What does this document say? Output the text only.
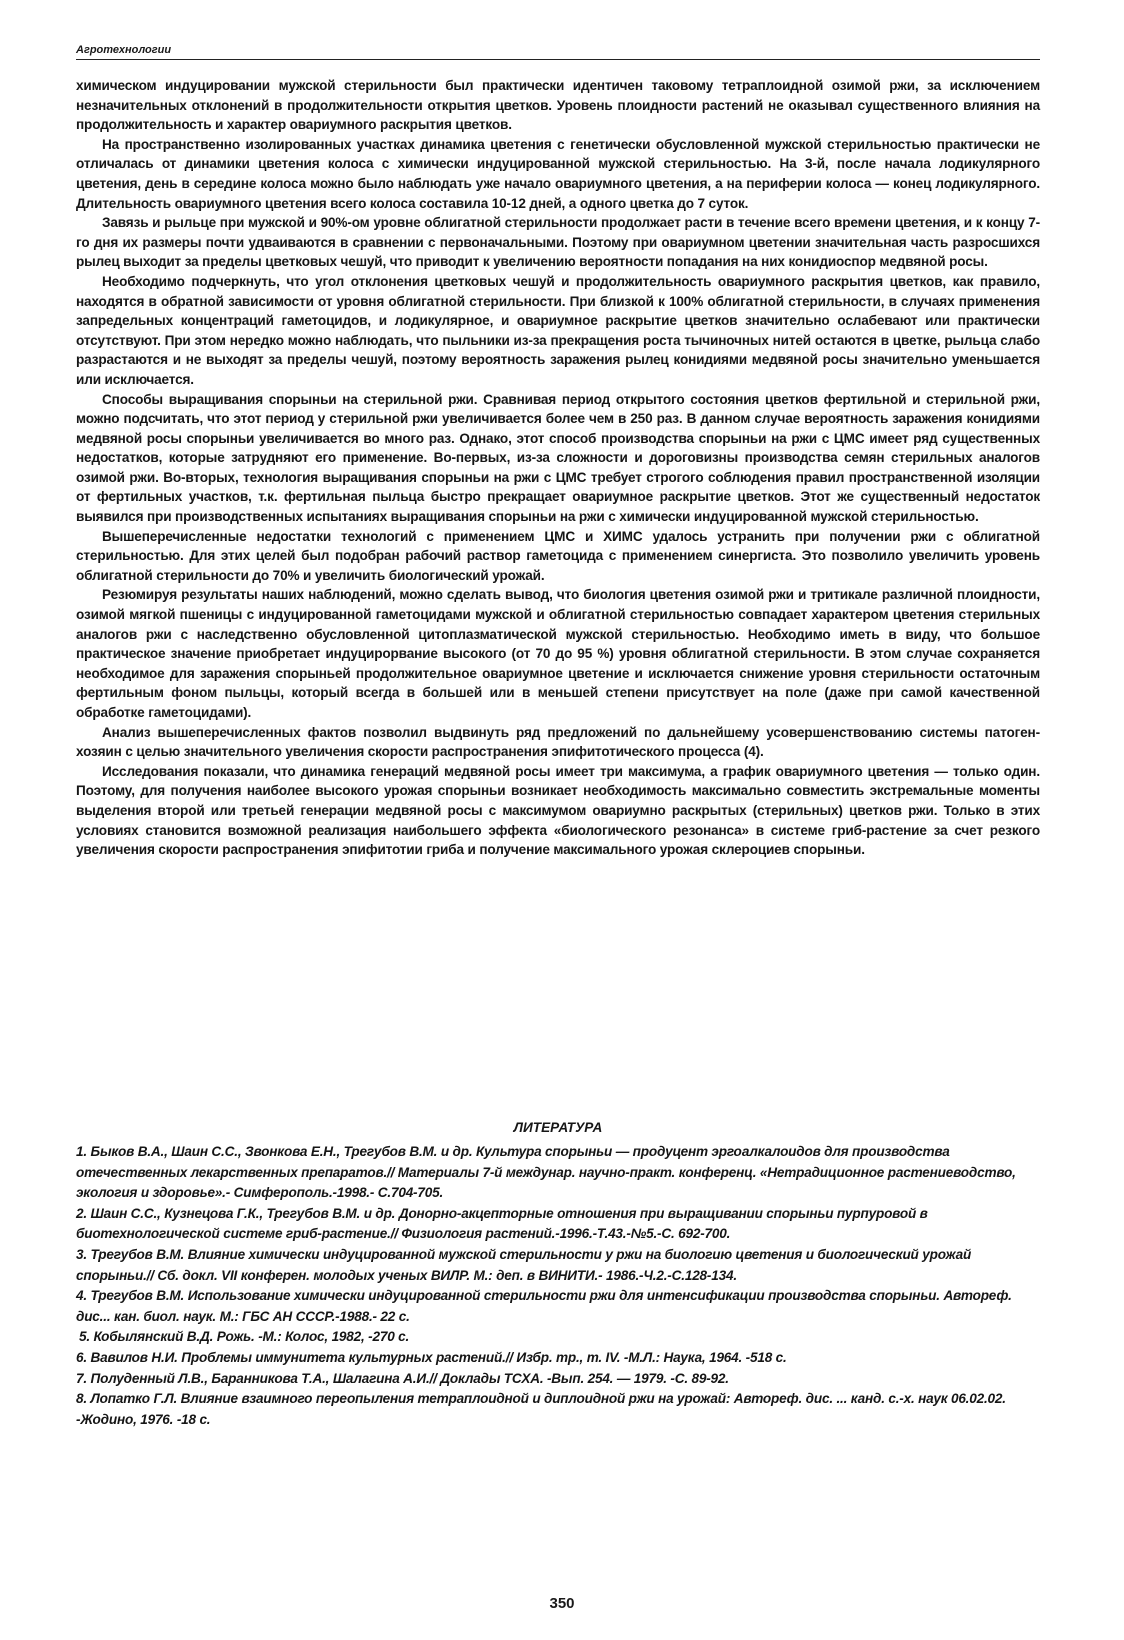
Агротехнологии

химическом индуцировании мужской стерильности был практически идентичен таковому тетраплоидной озимой ржи, за исключением незначительных отклонений в продолжительности открытия цветков. Уровень плоидности растений не оказывал существенного влияния на продолжительность и характер овариумного раскрытия цветков.

На пространственно изолированных участках динамика цветения с генетически обусловленной мужской стерильностью практически не отличалась от динамики цветения колоса с химически индуцированной мужской стерильностью. На 3-й, после начала лодикулярного цветения, день в середине колоса можно было наблюдать уже начало овариумного цветения, а на периферии колоса — конец лодикулярного. Длительность овариумного цветения всего колоса составила 10-12 дней, а одного цветка до 7 суток.

Завязь и рыльце при мужской и 90%-ом уровне облигатной стерильности продолжает расти в течение всего времени цветения, и к концу 7-го дня их размеры почти удваиваются в сравнении с первоначальными. Поэтому при овариумном цветении значительная часть разросшихся рылец выходит за пределы цветковых чешуй, что приводит к увеличению вероятности попадания на них конидиоспор медвяной росы.

Необходимо подчеркнуть, что угол отклонения цветковых чешуй и продолжительность овариумного раскрытия цветков, как правило, находятся в обратной зависимости от уровня облигатной стерильности. При близкой к 100% облигатной стерильности, в случаях применения запредельных концентраций гаметоцидов, и лодикулярное, и овариумное раскрытие цветков значительно ослабевают или практически отсутствуют. При этом нередко можно наблюдать, что пыльники из-за прекращения роста тычиночных нитей остаются в цветке, рыльца слабо разрастаются и не выходят за пределы чешуй, поэтому вероятность заражения рылец конидиями медвяной росы значительно уменьшается или исключается.

Способы выращивания спорыньи на стерильной ржи. Сравнивая период открытого состояния цветков фертильной и стерильной ржи, можно подсчитать, что этот период у стерильной ржи увеличивается более чем в 250 раз. В данном случае вероятность заражения конидиями медвяной росы спорыньи увеличивается во много раз. Однако, этот способ производства спорыньи на ржи с ЦМС имеет ряд существенных недостатков, которые затрудняют его применение. Во-первых, из-за сложности и дороговизны производства семян стерильных аналогов озимой ржи. Во-вторых, технология выращивания спорыньи на ржи с ЦМС требует строгого соблюдения правил пространственной изоляции от фертильных участков, т.к. фертильная пыльца быстро прекращает овариумное раскрытие цветков. Этот же существенный недостаток выявился при производственных испытаниях выращивания спорыньи на ржи с химически индуцированной мужской стерильностью.

Вышеперечисленные недостатки технологий с применением ЦМС и ХИМС удалось устранить при получении ржи с облигатной стерильностью. Для этих целей был подобран рабочий раствор гаметоцида с применением синергиста. Это позволило увеличить уровень облигатной стерильности до 70% и увеличить биологический урожай.

Резюмируя результаты наших наблюдений, можно сделать вывод, что биология цветения озимой ржи и тритикале различной плоидности, озимой мягкой пшеницы с индуцированной гаметоцидами мужской и облигатной стерильностью совпадает характером цветения стерильных аналогов ржи с наследственно обусловленной цитоплазматической мужской стерильностью. Необходимо иметь в виду, что большое практическое значение приобретает индуцирорвание высокого (от 70 до 95 %) уровня облигатной стерильности. В этом случае сохраняется необходимое для заражения спорыньей продолжительное овариумное цветение и исключается снижение уровня стерильности остаточным фертильным фоном пыльцы, который всегда в большей или в меньшей степени присутствует на поле (даже при самой качественной обработке гаметоцидами).

Анализ вышеперечисленных фактов позволил выдвинуть ряд предложений по дальнейшему усовершенствованию системы патоген-хозяин с целью значительного увеличения скорости распространения эпифитотического процесса (4).

Исследования показали, что динамика генераций медвяной росы имеет три максимума, а график овариумного цветения — только один. Поэтому, для получения наиболее высокого урожая спорыньи возникает необходимость максимально совместить экстремальные моменты выделения второй или третьей генерации медвяной росы с максимумом овариумно раскрытых (стерильных) цветков ржи. Только в этих условиях становится возможной реализация наибольшего эффекта «биологического резонанса» в системе гриб-растение за счет резкого увеличения скорости распространения эпифитотии гриба и получение максимального урожая склероциев спорыньи.

ЛИТЕРАТУРА

1. Быков В.А., Шаин С.С., Звонкова Е.Н., Трегубов В.М. и др. Культура спорыньи — продуцент эргоалкалоидов для производства отечественных лекарственных препаратов.// Материалы 7-й междунар. научно-практ. конференц. «Нетрадиционное растениеводство, экология и здоровье».- Симферополь.-1998.- С.704-705.

2. Шаин С.С., Кузнецова Г.К., Трегубов В.М. и др. Донорно-акцепторные отношения при выращивании спорыньи пурпуровой в биотехнологической системе гриб-растение.// Физиология растений.-1996.-Т.43.-№5.-С. 692-700.

3. Трегубов В.М. Влияние химически индуцированной мужской стерильности у ржи на биологию цветения и биологический урожай спорыньи.// Сб. докл. VII конферен. молодых ученых ВИЛР. М.: деп. в ВИНИТИ.- 1986.-Ч.2.-С.128-134.

4. Трегубов В.М. Использование химически индуцированной стерильности ржи для интенсификации производства спорыньи. Автореф. дис... кан. биол. наук. М.: ГБС АН СССР.-1988.- 22 с.

5. Кобылянский В.Д. Рожь. -М.: Колос, 1982, -270 с.

6. Вавилов Н.И. Проблемы иммунитета культурных растений.// Избр. тр., т. IV. -М.Л.: Наука, 1964. -518 с.

7. Полуденный Л.В., Баранникова Т.А., Шалагина А.И.// Доклады ТСХА. -Вып. 254. — 1979. -С. 89-92.

8. Лопатко Г.Л. Влияние взаимного переопыления тетраплоидной и диплоидной ржи на урожай: Автореф. дис. ... канд. с.-х. наук 06.02.02. -Жодино, 1976. -18 с.

350
